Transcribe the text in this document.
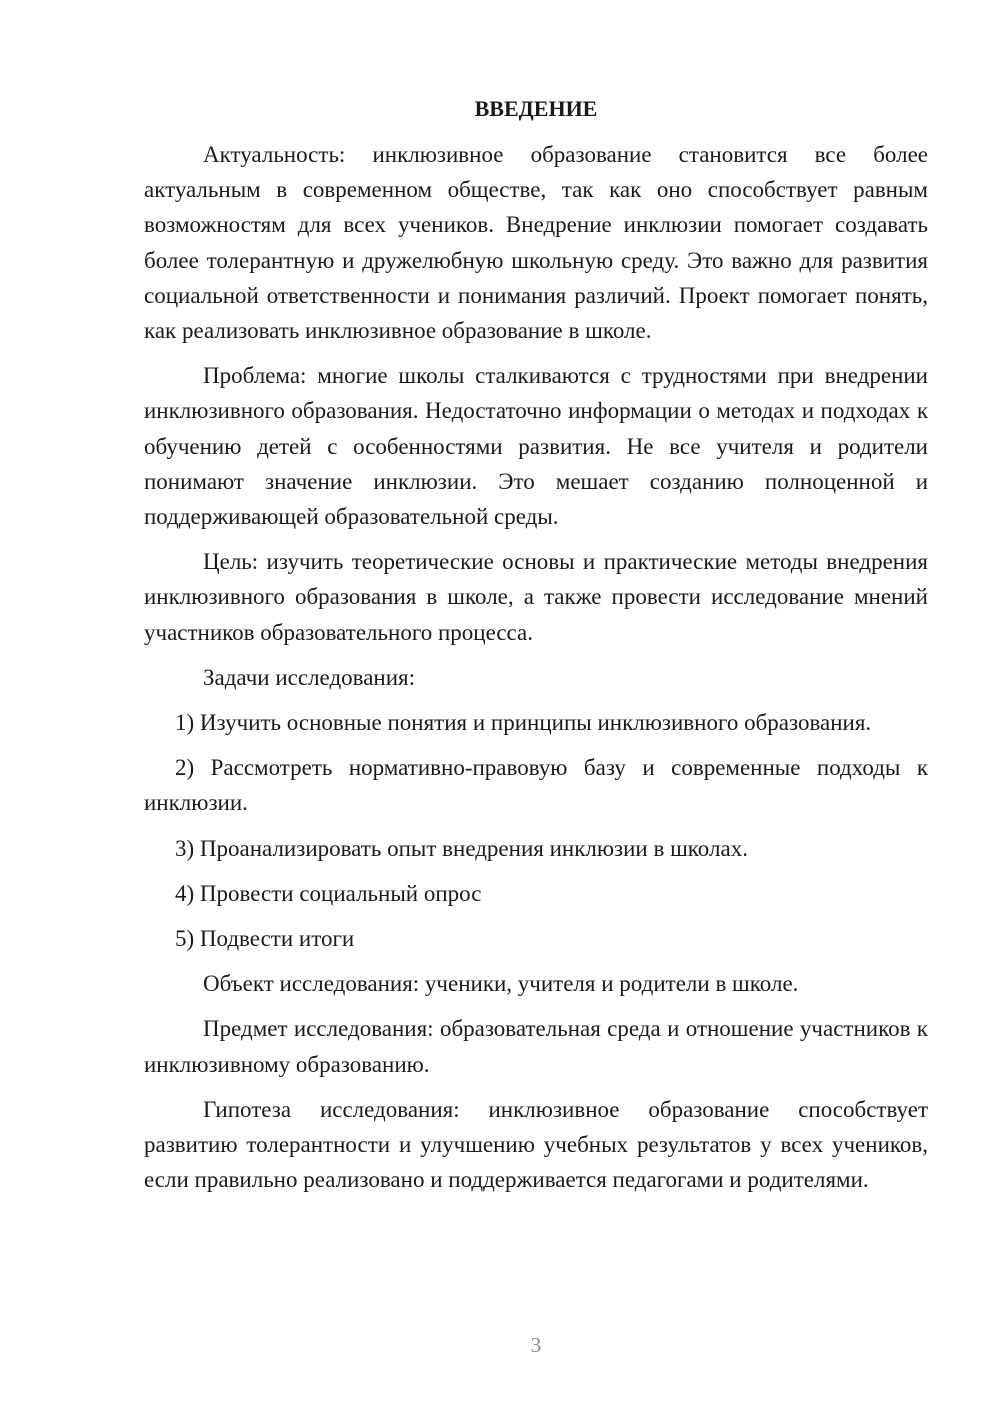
ВВЕДЕНИЕ

Актуальность: инклюзивное образование становится все более актуальным в современном обществе, так как оно способствует равным возможностям для всех учеников. Внедрение инклюзии помогает создавать более толерантную и дружелюбную школьную среду. Это важно для развития социальной ответственности и понимания различий. Проект помогает понять, как реализовать инклюзивное образование в школе.

Проблема: многие школы сталкиваются с трудностями при внедрении инклюзивного образования. Недостаточно информации о методах и подходах к обучению детей с особенностями развития. Не все учителя и родители понимают значение инклюзии. Это мешает созданию полноценной и поддерживающей образовательной среды.

Цель: изучить теоретические основы и практические методы внедрения инклюзивного образования в школе, а также провести исследование мнений участников образовательного процесса.

Задачи исследования:

1) Изучить основные понятия и принципы инклюзивного образования.

2) Рассмотреть нормативно-правовую базу и современные подходы к инклюзии.

3) Проанализировать опыт внедрения инклюзии в школах.

4) Провести социальный опрос

5) Подвести итоги

Объект исследования: ученики, учителя и родители в школе.

Предмет исследования: образовательная среда и отношение участников к инклюзивному образованию.

Гипотеза исследования: инклюзивное образование способствует развитию толерантности и улучшению учебных результатов у всех учеников, если правильно реализовано и поддерживается педагогами и родителями.

3
